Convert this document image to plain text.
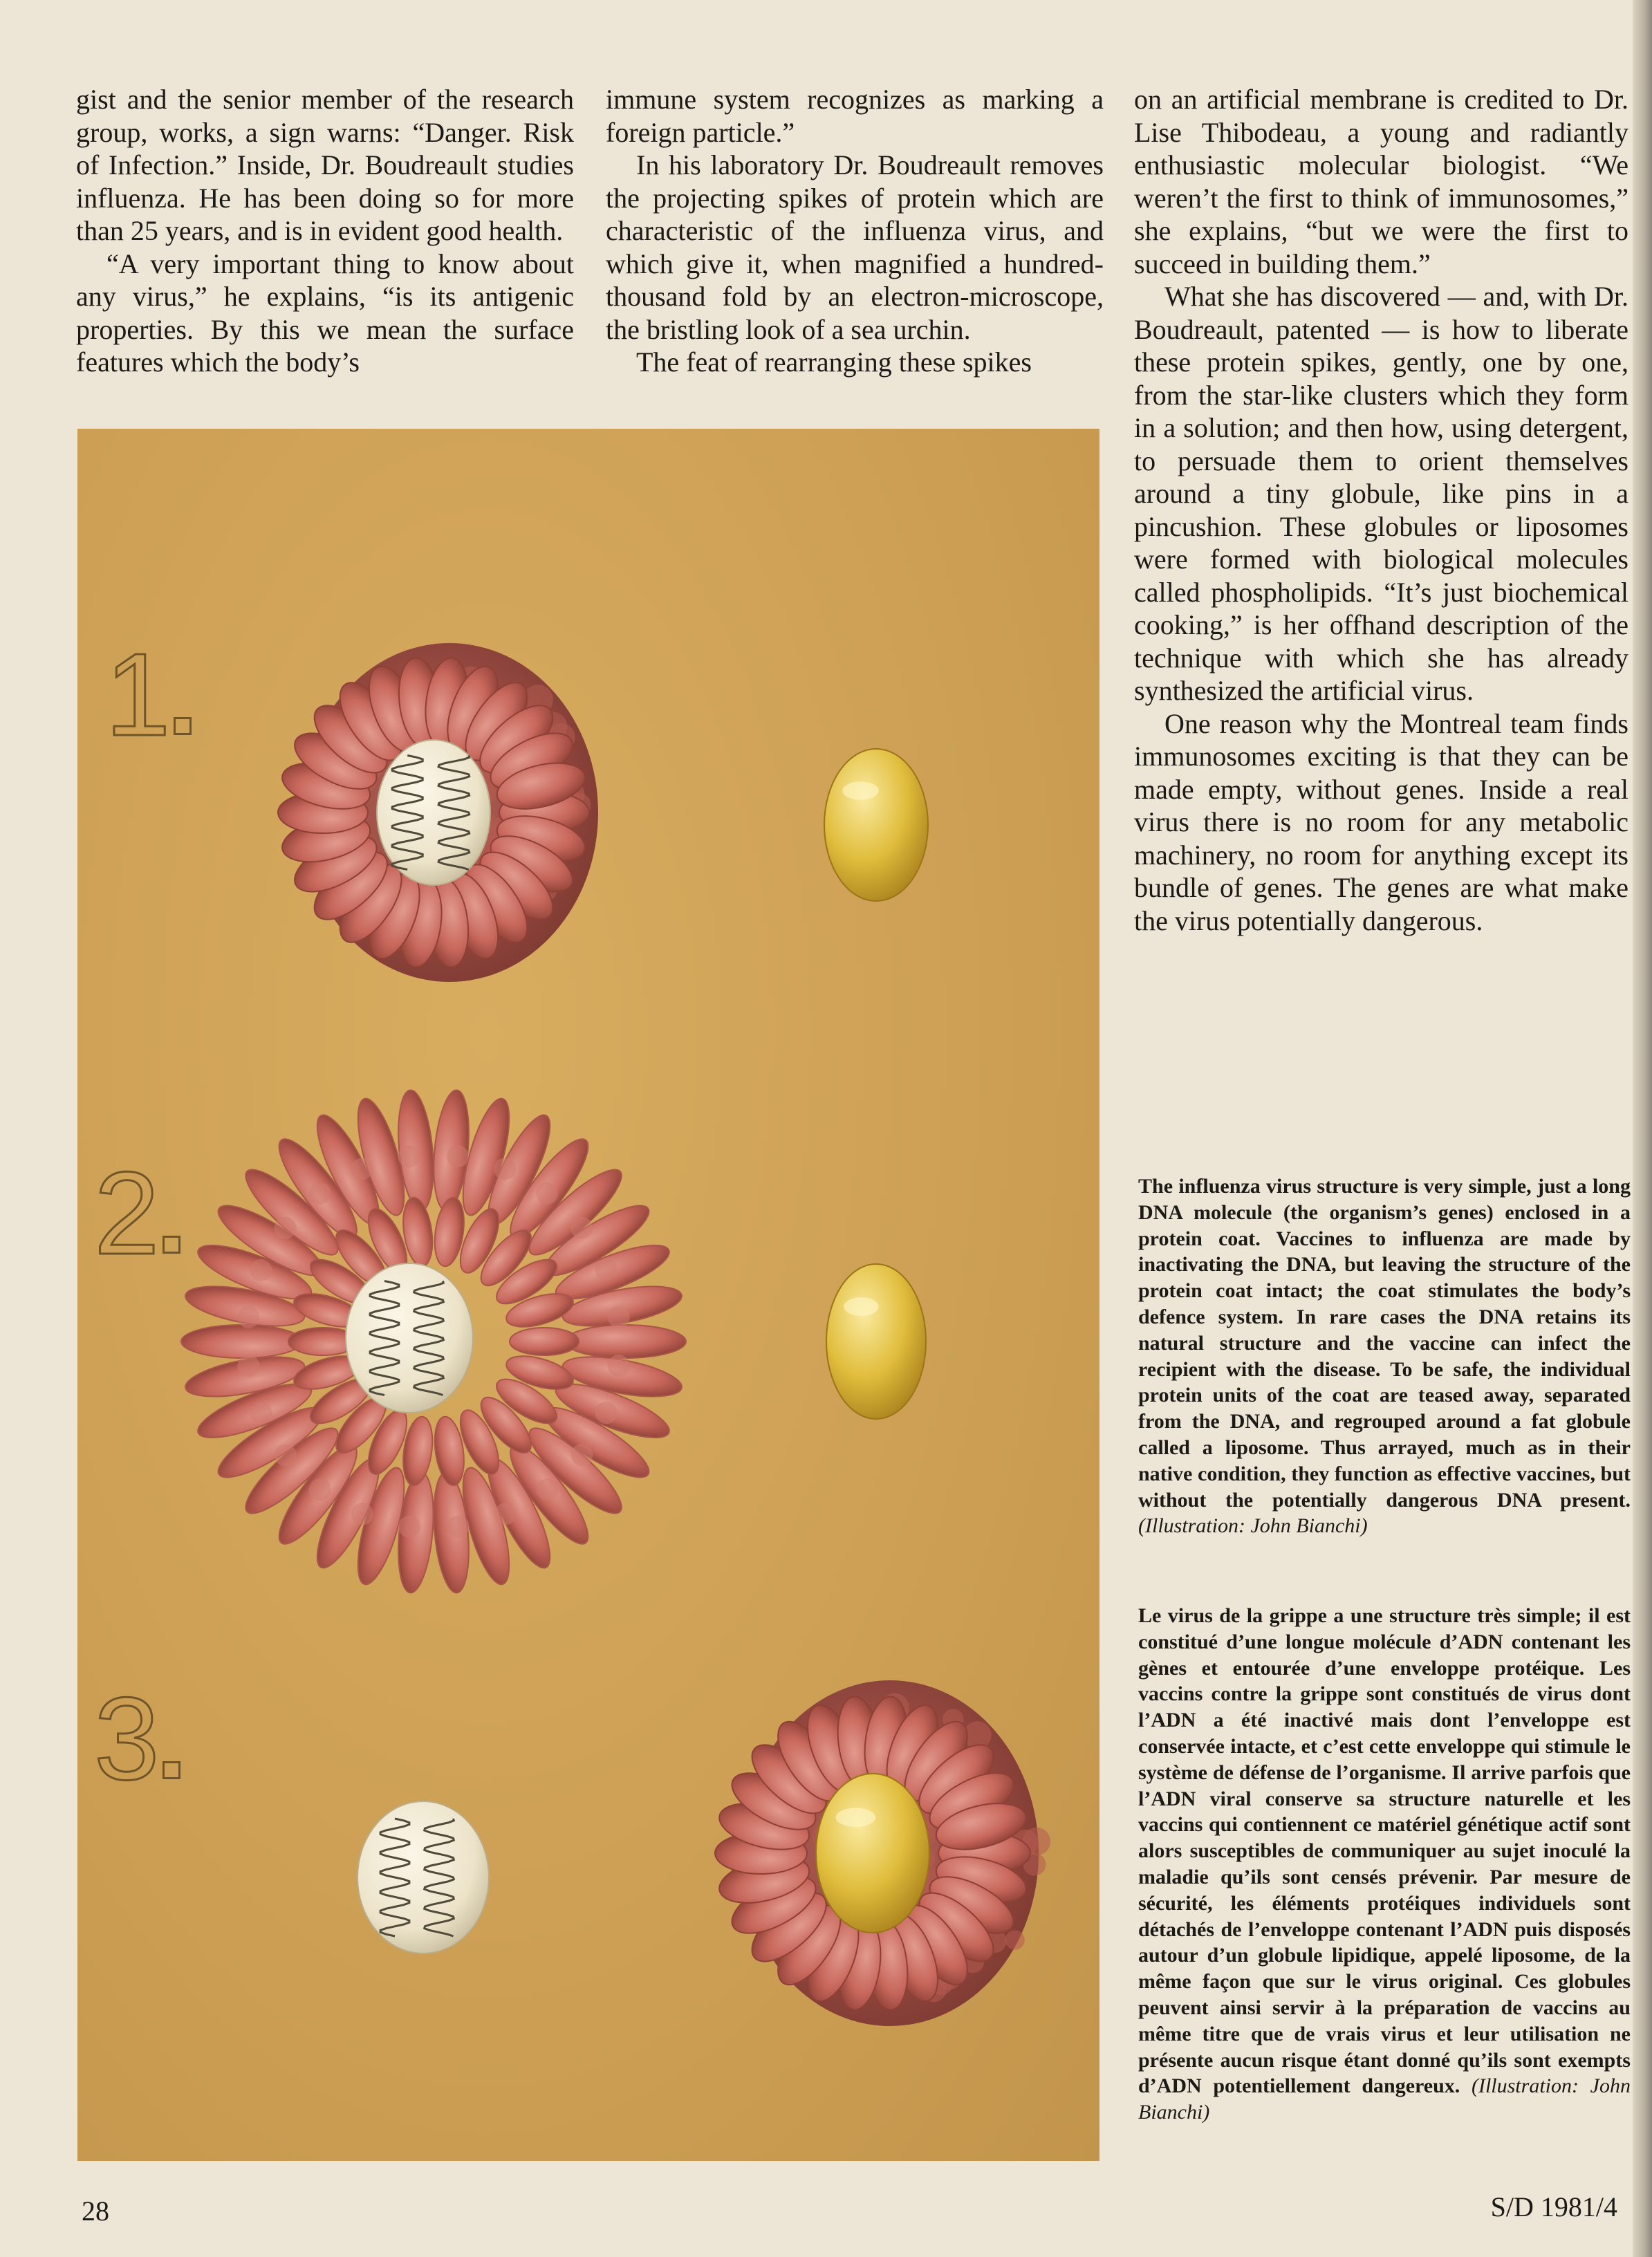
gist and the senior member of the research group, works, a sign warns: “Danger. Risk of Infection.” Inside, Dr. Boudreault studies influenza. He has been doing so for more than 25 years, and is in evident good health.

“A very important thing to know about any virus,” he explains, “is its antigenic properties. By this we mean the surface features which the body’s

immune system recognizes as marking a foreign particle.”

In his laboratory Dr. Boudreault removes the projecting spikes of protein which are characteristic of the influenza virus, and which give it, when magnified a hundred-thousand fold by an electron-microscope, the bristling look of a sea urchin.

The feat of rearranging these spikes

on an artificial membrane is credited to Dr. Lise Thibodeau, a young and radiantly enthusiastic molecular biologist. “We weren’t the first to think of immunosomes,” she explains, “but we were the first to succeed in building them.”

What she has discovered — and, with Dr. Boudreault, patented — is how to liberate these protein spikes, gently, one by one, from the star-like clusters which they form in a solution; and then how, using detergent, to persuade them to orient themselves around a tiny globule, like pins in a pincushion. These globules or liposomes were formed with biological molecules called phospholipids. “It’s just biochemical cooking,” is her offhand description of the technique with which she has already synthesized the artificial virus.

One reason why the Montreal team finds immunosomes exciting is that they can be made empty, without genes. Inside a real virus there is no room for any metabolic machinery, no room for anything except its bundle of genes. The genes are what make the virus potentially dangerous.

1
2
3

The influenza virus structure is very simple, just a long DNA molecule (the organism’s genes) enclosed in a protein coat. Vaccines to influenza are made by inactivating the DNA, but leaving the structure of the protein coat intact; the coat stimulates the body’s defence system. In rare cases the DNA retains its natural structure and the vaccine can infect the recipient with the disease. To be safe, the individual protein units of the coat are teased away, separated from the DNA, and regrouped around a fat globule called a liposome. Thus arrayed, much as in their native condition, they function as effective vaccines, but without the potentially dangerous DNA present. (Illustration: John Bianchi)

Le virus de la grippe a une structure très simple; il est constitué d’une longue molécule d’ADN contenant les gènes et entourée d’une enveloppe protéique. Les vaccins contre la grippe sont constitués de virus dont l’ADN a été inactivé mais dont l’enveloppe est conservée intacte, et c’est cette enveloppe qui stimule le système de défense de l’organisme. Il arrive parfois que l’ADN viral conserve sa structure naturelle et les vaccins qui contiennent ce matériel génétique actif sont alors susceptibles de communiquer au sujet inoculé la maladie qu’ils sont censés prévenir. Par mesure de sécurité, les éléments protéiques individuels sont détachés de l’enveloppe contenant l’ADN puis disposés autour d’un globule lipidique, appelé liposome, de la même façon que sur le virus original. Ces globules peuvent ainsi servir à la préparation de vaccins au même titre que de vrais virus et leur utilisation ne présente aucun risque étant donné qu’ils sont exempts d’ADN potentiellement dangereux. (Illustration: John Bianchi)

28	S/D 1981/4
